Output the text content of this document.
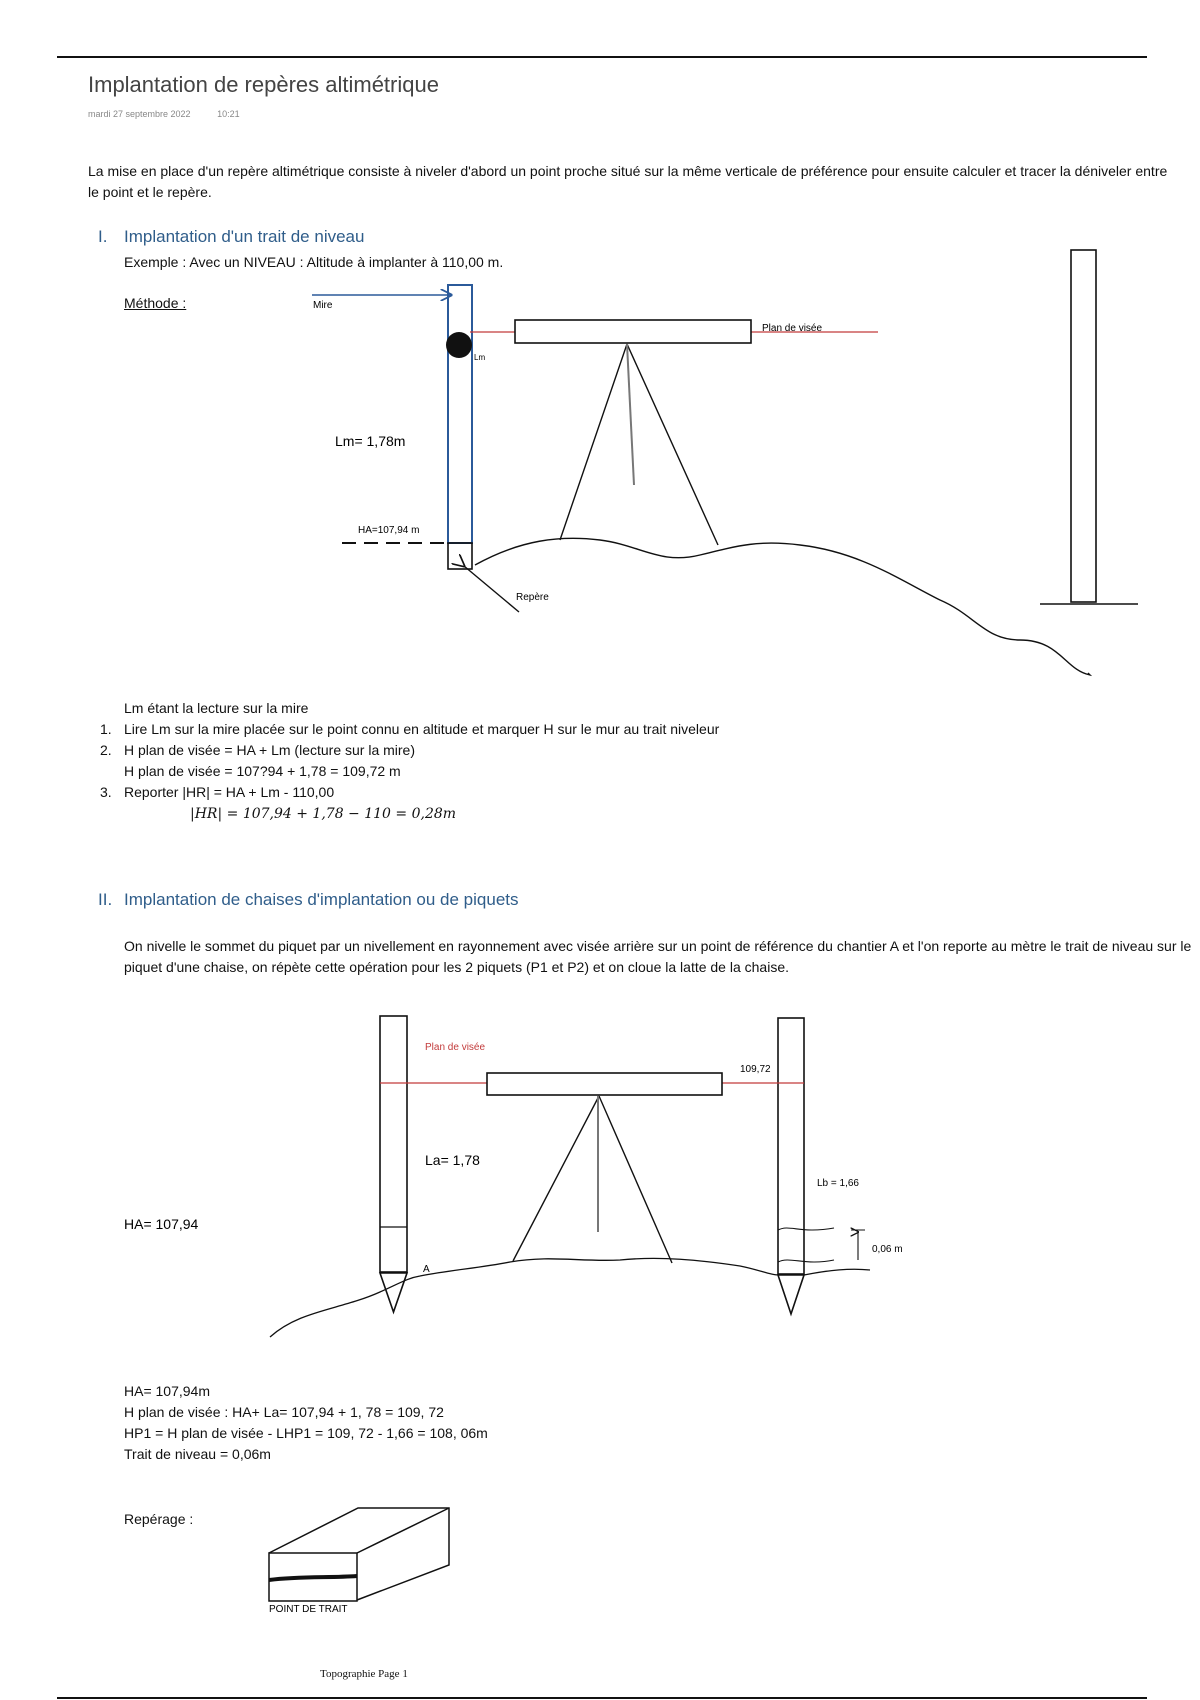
Implantation de repères altimétrique
mardi 27 septembre 2022	10:21
La mise en place d'un repère altimétrique consiste à niveler d'abord un point proche situé sur la même verticale de préférence pour ensuite calculer et tracer la déniveler entre le point et le repère.
I. Implantation d'un trait de niveau
Exemple : Avec un NIVEAU : Altitude à implanter à 110,00 m.
Méthode :	Mire
Lm
Plan de visée
Repère
HA=107,94 m
Lm= 1,78m
Lm étant la lecture sur la mire
1. Lire Lm sur la mire placée sur le point connu en altitude et marquer H sur le mur au trait niveleur
2. H plan de visée = HA + Lm (lecture sur la mire)
H plan de visée = 107?94 + 1,78 = 109,72 m
3. Reporter |HR| = HA + Lm - 110,00
|HR| = 107,94 + 1,78 − 110 = 0,28m
II. Implantation de chaises d'implantation ou de piquets
On nivelle le sommet du piquet par un nivellement en rayonnement avec visée arrière sur un point de référence du chantier A et l'on reporte au mètre le trait de niveau sur le piquet d'une chaise, on répète cette opération pour les 2 piquets (P1 et P2) et on cloue la latte de la chaise.
0,06 m
Plan de visée
109,72
A
La= 1,78
Lb = 1,66
HA= 107,94
HA= 107,94m
H plan de visée : HA+ La= 107,94 + 1, 78 = 109, 72
HP1 = H plan de visée - LHP1 = 109, 72 - 1,66 = 108, 06m
Trait de niveau = 0,06m
Repérage :
POINT DE TRAIT
Topographie Page 1
